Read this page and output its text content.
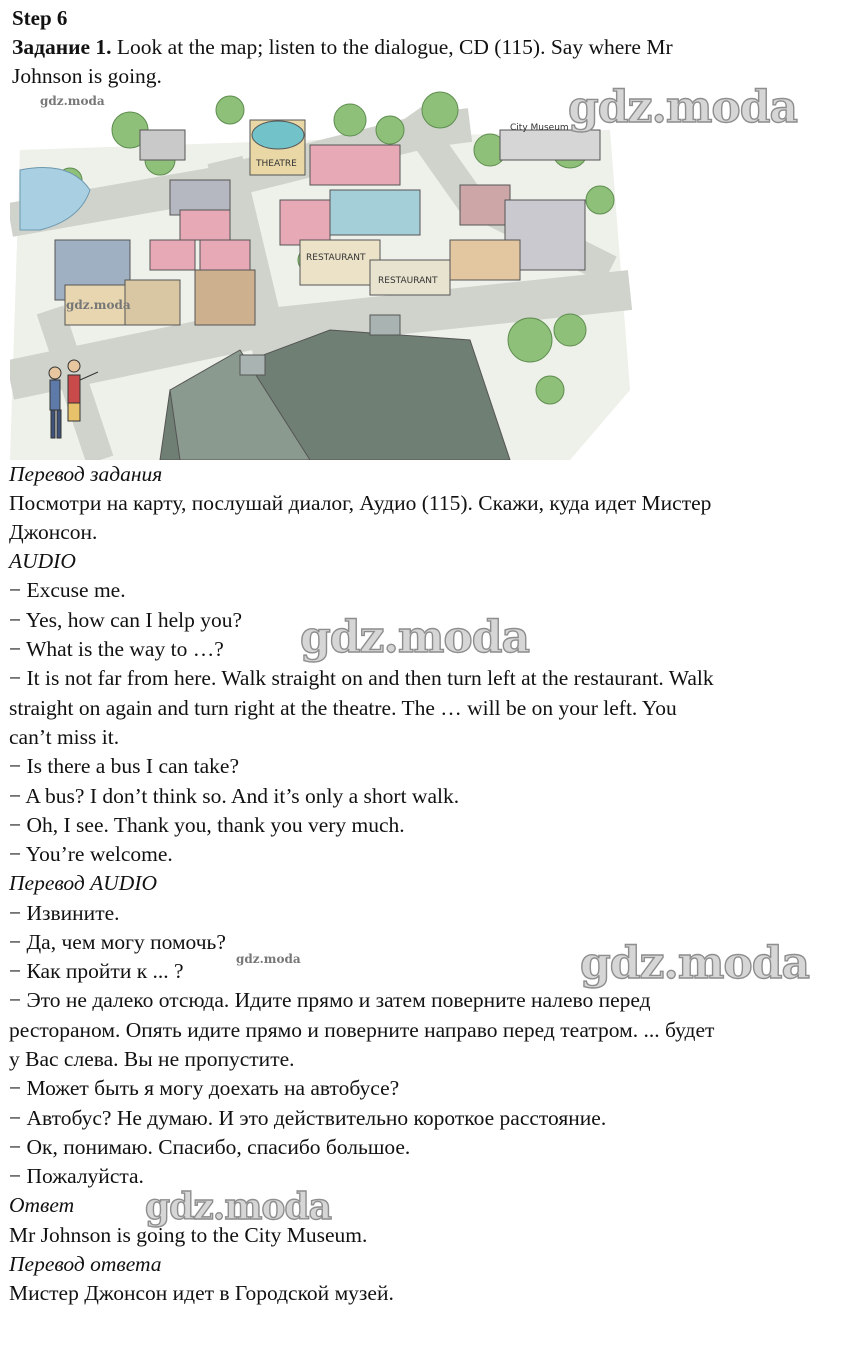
Step 6
Задание 1. Look at the map; listen to the dialogue, CD (115). Say where Mr
Johnson is going.
THEATRE
City Museum
RESTAURANT
RESTAURANT
Перевод задания
Посмотри на карту, послушай диалог, Аудио (115). Скажи, куда идет Мистер
Джонсон.
AUDIO
− Excuse me.
− Yes, how can I help you?
− What is the way to …?
− It is not far from here. Walk straight on and then turn left at the restaurant. Walk
straight on again and turn right at the theatre. The … will be on your left. You
can’t miss it.
− Is there a bus I can take?
− A bus? I don’t think so. And it’s only a short walk.
− Oh, I see. Thank you, thank you very much.
− You’re welcome.
Перевод AUDIO
− Извините.
− Да, чем могу помочь?
− Как пройти к ... ?
− Это не далеко отсюда. Идите прямо и затем поверните налево перед
рестораном. Опять идите прямо и поверните направо перед театром. ... будет
у Вас слева. Вы не пропустите.
− Может быть я могу доехать на автобусе?
− Автобус? Не думаю. И это действительно короткое расстояние.
− Ок, понимаю. Спасибо, спасибо большое.
− Пожалуйста.
Ответ
Mr Johnson is going to the City Museum.
Перевод ответа
Мистер Джонсон идет в Городской музей.
gdz.moda
gdz.moda
gdz.moda
gdz.moda
gdz.moda	gdz.moda
gdz.moda
